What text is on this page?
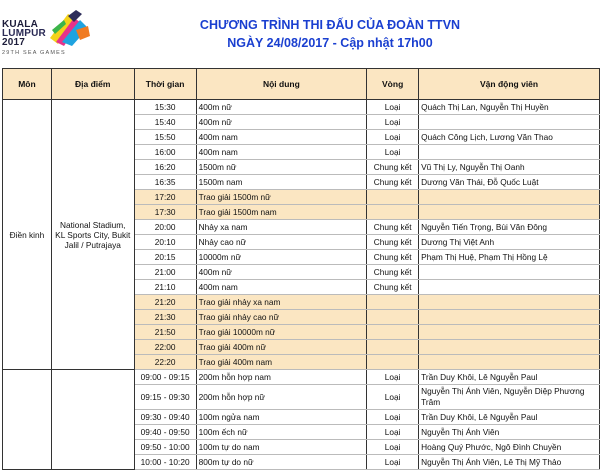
KUALA
LUMPUR
2017
29TH SEA GAMES
CHƯƠNG TRÌNH THI ĐẤU CỦA ĐOÀN TTVN
NGÀY 24/08/2017 - Cập nhật 17h00
Môn	Địa điểm	Thời gian	Nội dung	Vòng	Vận động viên
Điền kinh	National Stadium, KL Sports City, Bukit Jalil / Putrajaya	15:30	400m nữ	Loại	Quách Thị Lan, Nguyễn Thị Huyền
		15:40	400m nữ	Loại	
		15:50	400m nam	Loại	Quách Công Lịch, Lương Văn Thao
		16:00	400m nam	Loại	
		16:20	1500m nữ	Chung kết	Vũ Thị Ly, Nguyễn Thị Oanh
		16:35	1500m nam	Chung kết	Dương Văn Thái, Đỗ Quốc Luật
		17:20	Trao giải 1500m nữ		
		17:30	Trao giải 1500m nam		
		20:00	Nhảy xa nam	Chung kết	Nguyễn Tiến Trọng, Bùi Văn Đông
		20:10	Nhảy cao nữ	Chung kết	Dương Thị Việt Anh
		20:15	10000m nữ	Chung kết	Phạm Thị Huệ, Phạm Thị Hồng Lệ
		21:00	400m nữ	Chung kết	
		21:10	400m nam	Chung kết	
		21:20	Trao giải nhảy xa nam		
		21:30	Trao giải nhảy cao nữ		
		21:50	Trao giải 10000m nữ		
		22:00	Trao giải 400m nữ		
		22:20	Trao giải 400m nam		
		09:00 - 09:15	200m hỗn hợp nam	Loại	Trần Duy Khôi, Lê Nguyễn Paul
		09:15 - 09:30	200m hỗn hợp nữ	Loại	Nguyễn Thị Ánh Viên, Nguyễn Diệp Phương Trâm
		09:30 - 09:40	100m ngửa nam	Loại	Trần Duy Khôi, Lê Nguyễn Paul
		09:40 - 09:50	100m ếch nữ	Loại	Nguyễn Thị Ánh Viên
		09:50 - 10:00	100m tự do nam	Loại	Hoàng Quý Phước, Ngô Đình Chuyền
		10:00 - 10:20	800m tự do nữ	Loại	Nguyễn Thị Ánh Viên, Lê Thị Mỹ Thảo
